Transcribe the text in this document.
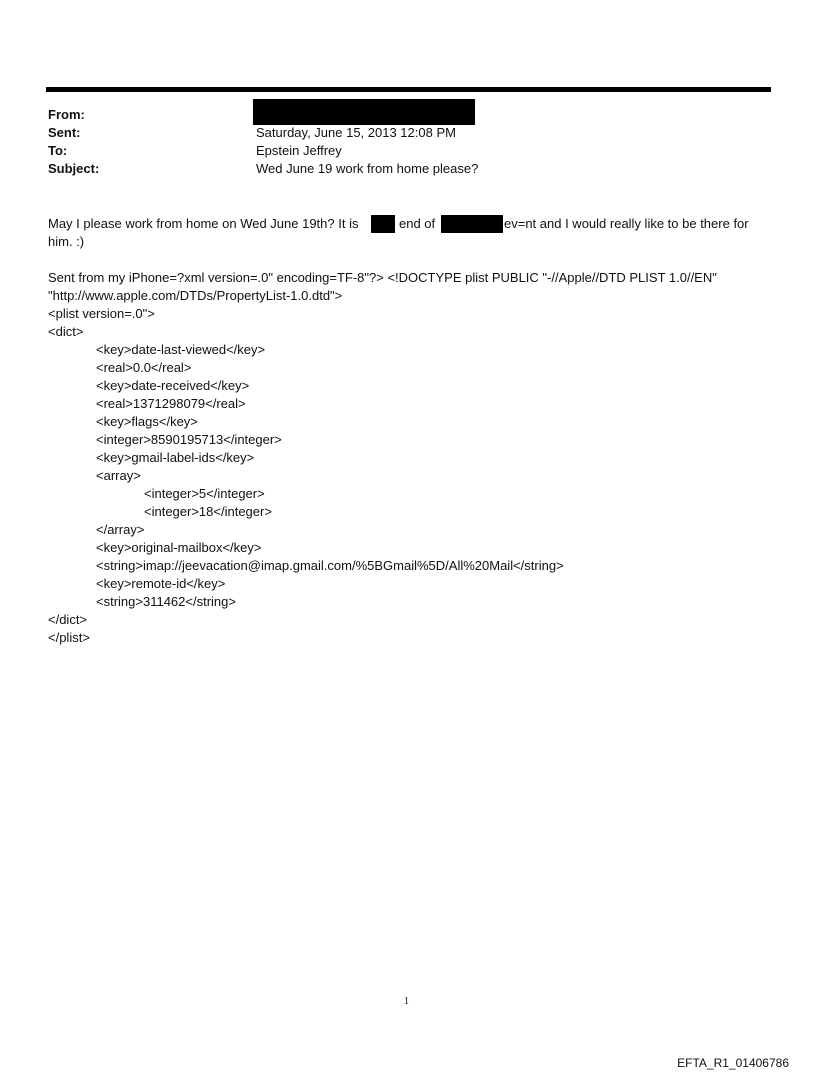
From:
Sent:	Saturday, June 15, 2013 12:08 PM
To:	Epstein Jeffrey
Subject:	Wed June 19 work from home please?
May I please work from home on Wed June 19th? It is	end of	ev=nt and I would really like to be there for
him. :)
Sent from my iPhone=?xml version=.0" encoding=TF-8"?> <!DOCTYPE plist PUBLIC "-//Apple//DTD PLIST 1.0//EN"
"http://www.apple.com/DTDs/PropertyList-1.0.dtd">
<plist version=.0">
<dict>
<key>date-last-viewed</key>
<real>0.0</real>
<key>date-received</key>
<real>1371298079</real>
<key>flags</key>
<integer>8590195713</integer>
<key>gmail-label-ids</key>
<array>
<integer>5</integer>
<integer>18</integer>
</array>
<key>original-mailbox</key>
<string>imap://jeevacation@imap.gmail.com/%5BGmail%5D/All%20Mail</string>
<key>remote-id</key>
<string>311462</string>
</dict>
</plist>
1
EFTA_R1_01406786
